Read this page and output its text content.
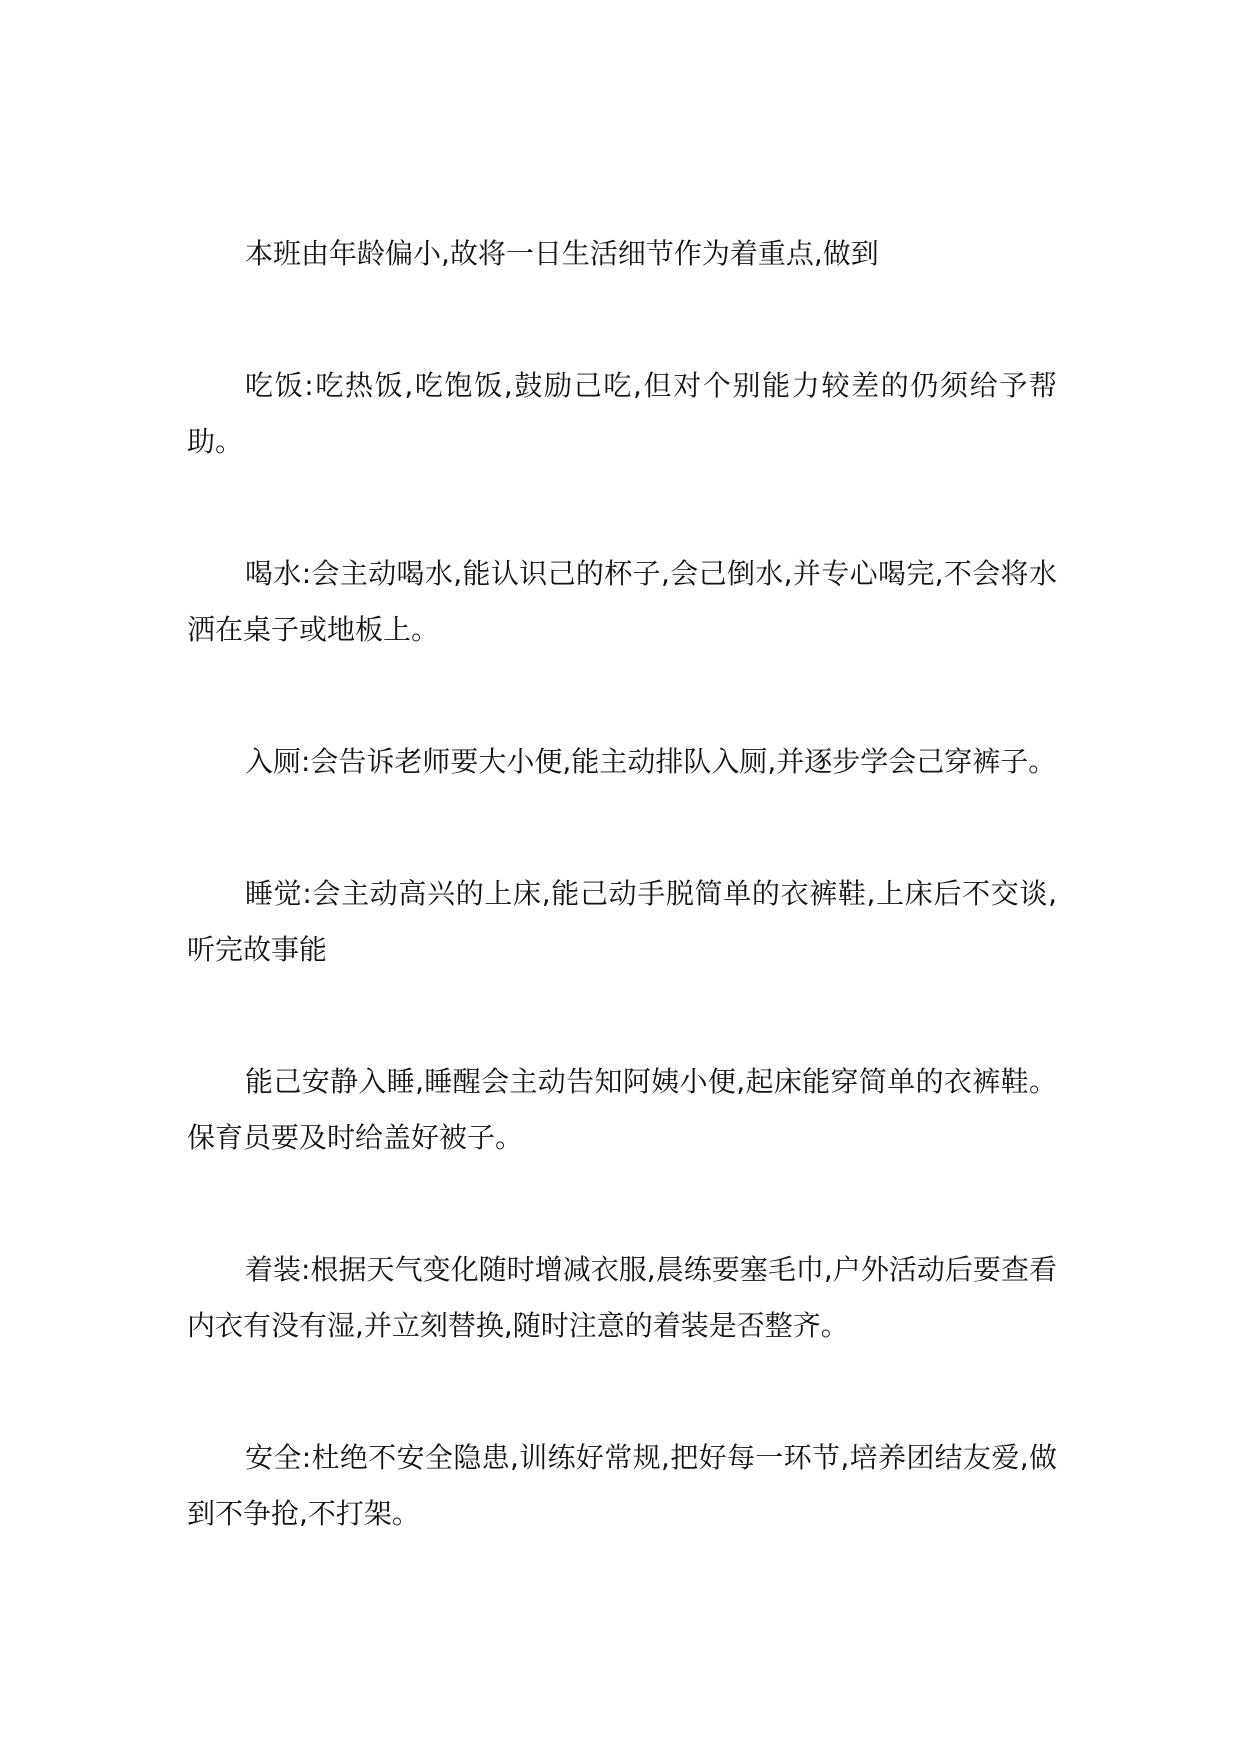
本班由年龄偏小,故将一日生活细节作为着重点,做到

吃饭:吃热饭,吃饱饭,鼓励己吃,但对个别能力较差的仍须给予帮助。

喝水:会主动喝水,能认识己的杯子,会己倒水,并专心喝完,不会将水洒在桌子或地板上。

入厕:会告诉老师要大小便,能主动排队入厕,并逐步学会己穿裤子。

睡觉:会主动高兴的上床,能己动手脱简单的衣裤鞋,上床后不交谈,听完故事能

能己安静入睡,睡醒会主动告知阿姨小便,起床能穿简单的衣裤鞋。保育员要及时给盖好被子。

着装:根据天气变化随时增减衣服,晨练要塞毛巾,户外活动后要查看内衣有没有湿,并立刻替换,随时注意的着装是否整齐。

安全:杜绝不安全隐患,训练好常规,把好每一环节,培养团结友爱,做到不争抢,不打架。
